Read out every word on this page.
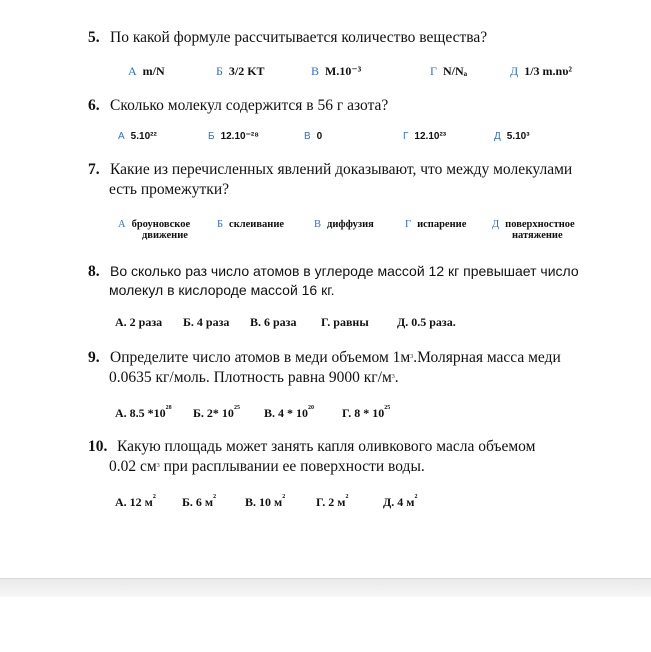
5. По какой формуле рассчитывается количество вещества?
А m/N	Б 3/2 KT	В M.10⁻³	Г N/Nₐ	Д 1/3 m.nυ²
6. Сколько молекул содержится в 56 г азота?
А 5.10²²	Б 12.10⁻²⁸	В 0	Г 12.10²³	Д 5.10³
7. Какие из перечисленных явлений доказывают, что между молекулами
есть промежутки?
А броуновское
движение
Б склеивание	В диффузия	Г испарение Д поверхностное
натяжение
8. Во сколько раз число атомов в углероде массой 12 кг превышает число
молекул в кислороде массой 16 кг.
А. 2 раза Б. 4 раза В. 6 раза Г. равны Д. 0.5 раза.
9. Определите число атомов в меди объемом $1м^3.Молярная$ масса меди
0.0635 кг/моль. Плотность равна 9000 $кг/м^3$.
А. 8.5 $*10^{28}$ Б. 2* $10^{25}$ В. $4 * 10^{20}$ Г. $8 * 10^{25}$
10. Какую площадь может занять капля оливкового масла объемом
0.02 $см^3$ при расплывании ее поверхности воды.
А. 12 $м^2$ Б. 6 $м^2$ В. 10 $м^2$	Г. 2 $м^2$	Д. 4 $м^2$
